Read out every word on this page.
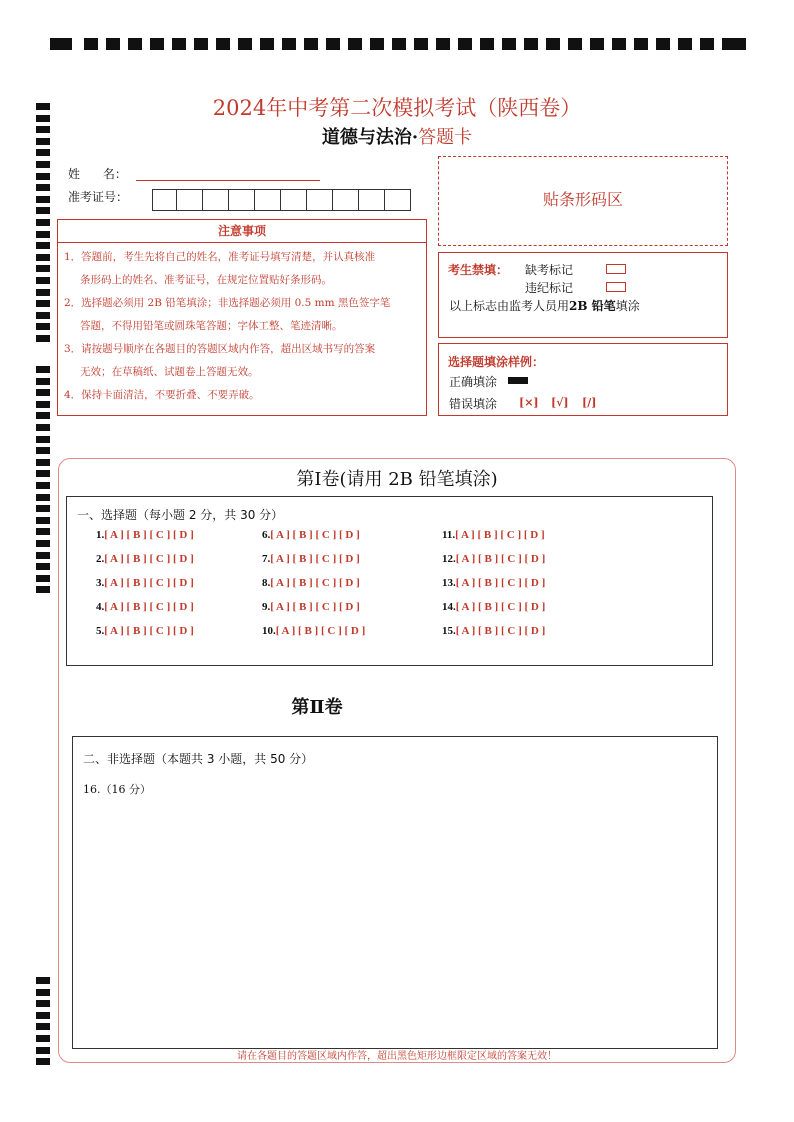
2024年中考第二次模拟考试（陕西卷）
道德与法治·答题卡
姓      名：
准考证号：
注意事项
1．答题前，考生先将自己的姓名，准考证号填写清楚，并认真核准
条形码上的姓名、准考证号，在规定位置贴好条形码。
2．选择题必须用 2B 铅笔填涂；非选择题必须用 0.5 mm 黑色签字笔
答题，不得用铅笔或圆珠笔答题；字体工整、笔迹清晰。
3．请按题号顺序在各题目的答题区域内作答，超出区域书写的答案
无效；在草稿纸、试题卷上答题无效。
4．保持卡面清洁，不要折叠、不要弄破。
贴条形码区
考生禁填： 缺考标记
违纪标记
以上标志由监考人员用2B 铅笔填涂
选择题填涂样例：
正确填涂
错误填涂 [×] [√] [/]
第Ⅰ卷(请用 2B 铅笔填涂)
一、选择题（每小题 2 分，共 30 分）
1.[ A ] [ B ] [ C ] [ D ]
2.[ A ] [ B ] [ C ] [ D ]
3.[ A ] [ B ] [ C ] [ D ]
4.[ A ] [ B ] [ C ] [ D ]
5.[ A ] [ B ] [ C ] [ D ]
6.[ A ] [ B ] [ C ] [ D ]
7.[ A ] [ B ] [ C ] [ D ]
8.[ A ] [ B ] [ C ] [ D ]
9.[ A ] [ B ] [ C ] [ D ]
10.[ A ] [ B ] [ C ] [ D ]
11.[ A ] [ B ] [ C ] [ D ]
12.[ A ] [ B ] [ C ] [ D ]
13.[ A ] [ B ] [ C ] [ D ]
14.[ A ] [ B ] [ C ] [ D ]
15.[ A ] [ B ] [ C ] [ D ]
第Ⅱ卷
二、非选择题（本题共 3 小题，共 50 分）
16.（16 分）
请在各题目的答题区域内作答，超出黑色矩形边框限定区域的答案无效！
